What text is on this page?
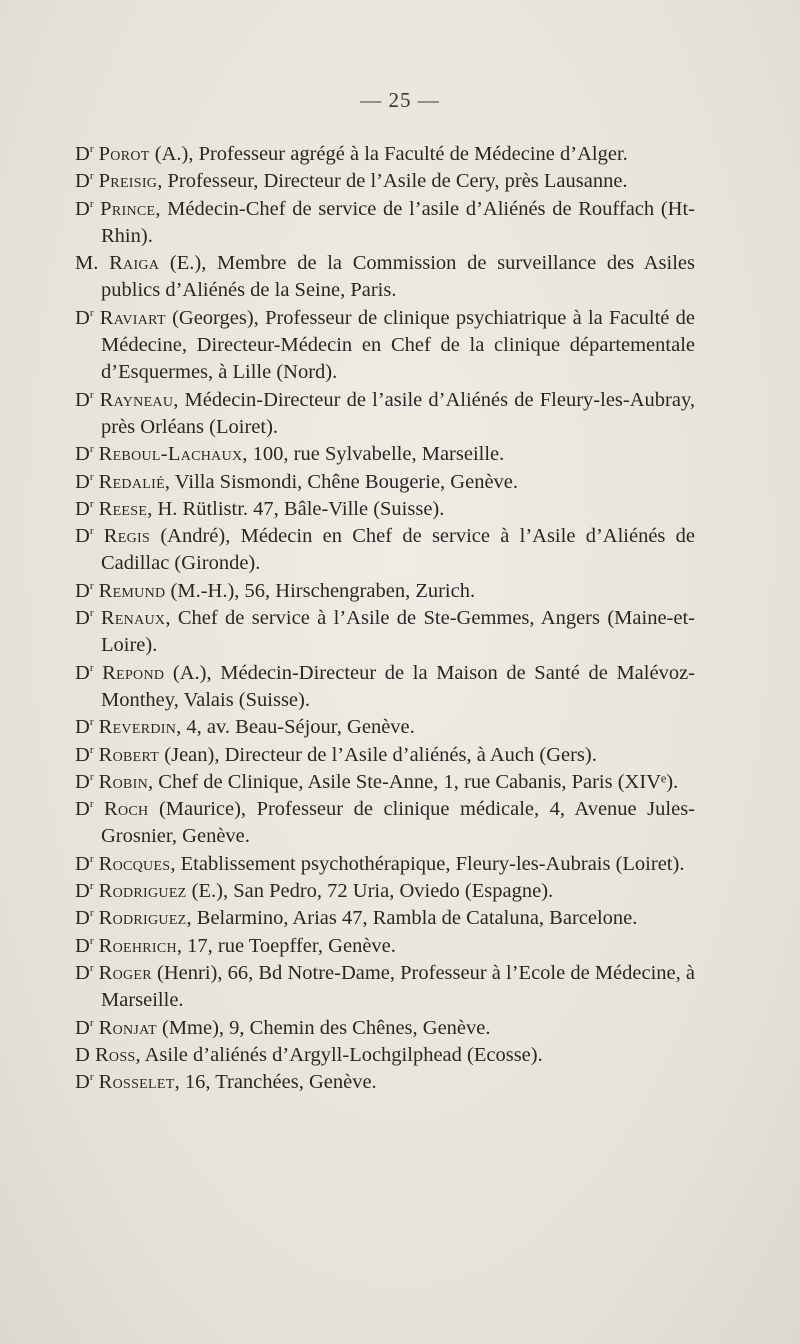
— 25 —

$D^r$ Porot (A.), Professeur agrégé à la Faculté de Médecine d’Alger.

$D^r$ Preisig, Professeur, Directeur de l’Asile de Cery, près Lausanne.

$D^r$ Prince, Médecin-Chef de service de l’asile d’Aliénés de Rouffach (Ht-Rhin).

M. Raiga (E.), Membre de la Commission de surveillance des Asiles publics d’Aliénés de la Seine, Paris.

$D^r$ Raviart (Georges), Professeur de clinique psychiatrique à la Faculté de Médecine, Directeur-Médecin en Chef de la clinique départementale d’Esquermes, à Lille (Nord).

$D^r$ Rayneau, Médecin-Directeur de l’asile d’Aliénés de Fleury-les-Aubray, près Orléans (Loiret).

$D^r$ Reboul-Lachaux, 100, rue Sylvabelle, Marseille.

$D^r$ Redalié, Villa Sismondi, Chêne Bougerie, Genève.

$D^r$ Reese, H. Rütlistr. 47, Bâle-Ville (Suisse).

$D^r$ Regis (André), Médecin en Chef de service à l’Asile d’Aliénés de Cadillac (Gironde).

$D^r$ Remund (M.-H.), 56, Hirschengraben, Zurich.

$D^r$ Renaux, Chef de service à l’Asile de Ste-Gemmes, Angers (Maine-et-Loire).

$D^r$ Repond (A.), Médecin-Directeur de la Maison de Santé de Malévoz-Monthey, Valais (Suisse).

$D^r$ Reverdin, 4, av. Beau-Séjour, Genève.

$D^r$ Robert (Jean), Directeur de l’Asile d’aliénés, à Auch (Gers).

$D^r$ Robin, Chef de Clinique, Asile Ste-Anne, 1, rue Cabanis, Paris (XIVᵉ).

$D^r$ Roch (Maurice), Professeur de clinique médicale, 4, Avenue Jules-Grosnier, Genève.

$D^r$ Rocques, Etablissement psychothérapique, Fleury-les-Aubrais (Loiret).

$D^r$ Rodriguez (E.), San Pedro, 72 Uria, Oviedo (Espagne).

$D^r$ Rodriguez, Belarmino, Arias 47, Rambla de Cataluna, Barcelone.

$D^r$ Roehrich, 17, rue Toepffer, Genève.

$D^r$ Roger (Henri), 66, Bd Notre-Dame, Professeur à l’Ecole de Médecine, à Marseille.

$D^r$ Ronjat (Mme), 9, Chemin des Chênes, Genève.

D Ross, Asile d’aliénés d’Argyll-Lochgilphead (Ecosse).

$D^r$ Rosselet, 16, Tranchées, Genève.
